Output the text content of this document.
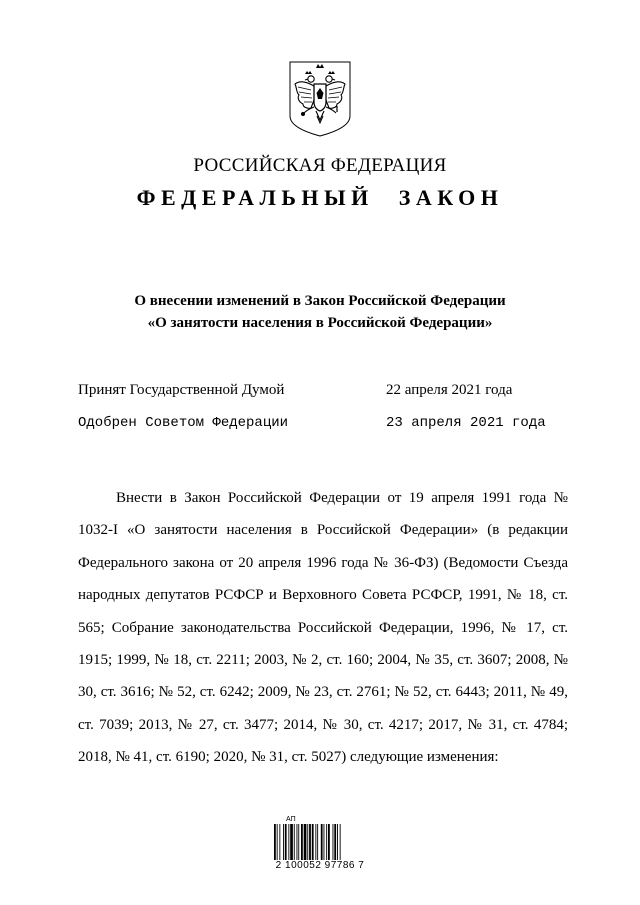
РОССИЙСКАЯ ФЕДЕРАЦИЯ
ФЕДЕРАЛЬНЫЙ ЗАКОН
О внесении изменений в Закон Российской Федерации
«О занятости населения в Российской Федерации»
Принят Государственной Думой	22 апреля 2021 года
Одобрен Советом Федерации	23 апреля 2021 года

Внести в Закон Российской Федерации от 19 апреля 1991 года № 1032-I «О занятости населения в Российской Федерации» (в редакции Федерального закона от 20 апреля 1996 года № 36-ФЗ) (Ведомости Съезда народных депутатов РСФСР и Верховного Совета РСФСР, 1991, № 18, ст. 565; Собрание законодательства Российской Федерации, 1996, № 17, ст. 1915; 1999, № 18, ст. 2211; 2003, № 2, ст. 160; 2004, № 35, ст. 3607; 2008, № 30, ст. 3616; № 52, ст. 6242; 2009, № 23, ст. 2761; № 52, ст. 6443; 2011, № 49, ст. 7039; 2013, № 27, ст. 3477; 2014, № 30, ст. 4217; 2017, № 31, ст. 4784; 2018, № 41, ст. 6190; 2020, № 31, ст. 5027) следующие изменения:

АП
2 100052 97786 7
